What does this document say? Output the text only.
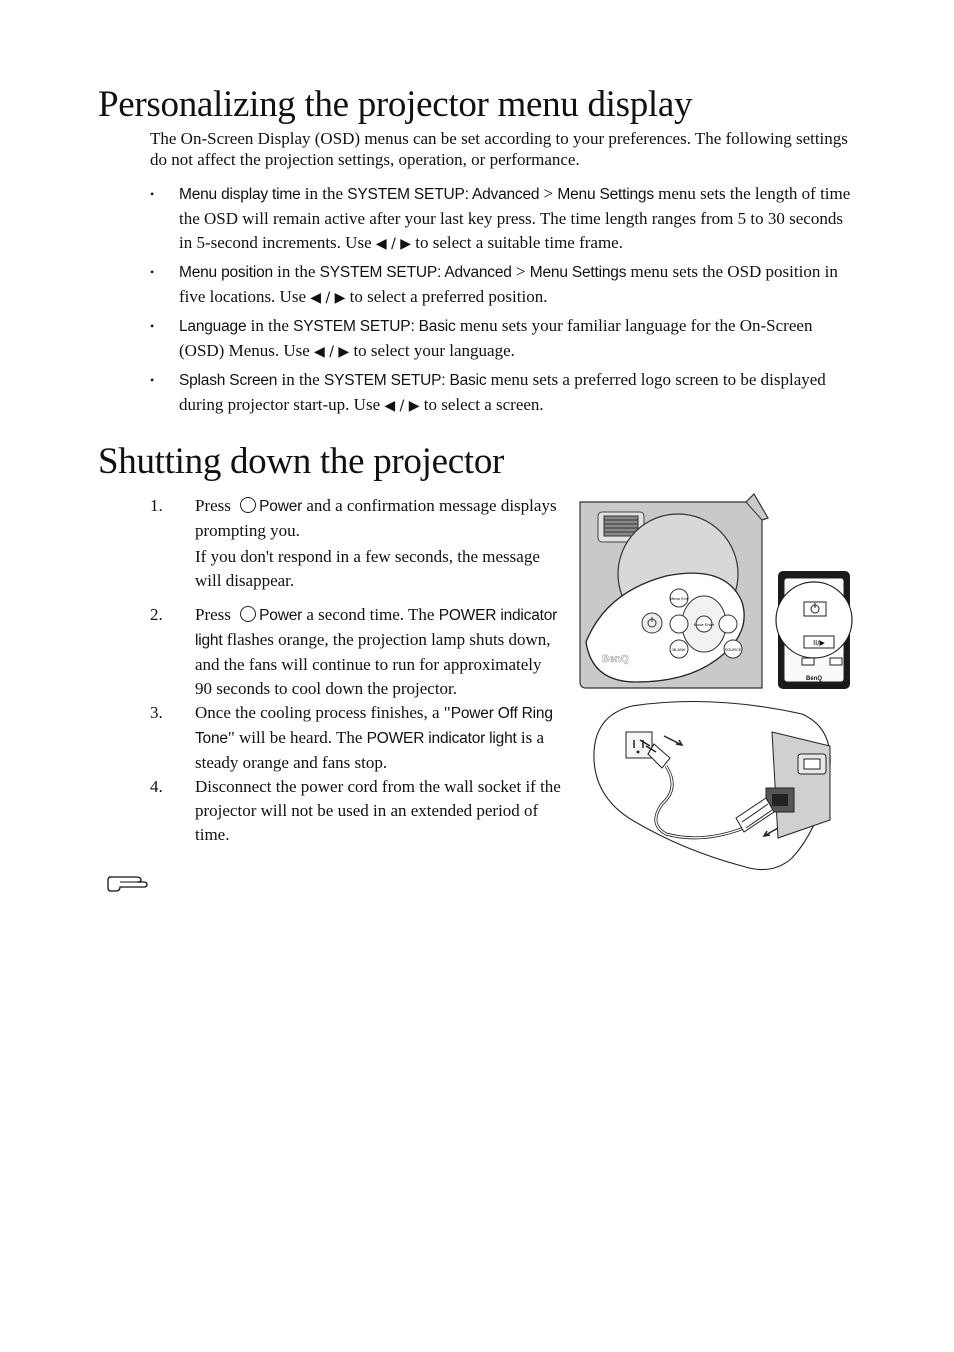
Personalizing the projector menu display

The On-Screen Display (OSD) menus can be set according to your preferences. The following settings do not affect the projection settings, operation, or performance.

• Menu display time in the SYSTEM SETUP: Advanced > Menu Settings menu sets the length of time the OSD will remain active after your last key press. The time length ranges from 5 to 30 seconds in 5-second increments. Use ◀ / ▶ to select a suitable time frame.
• Menu position in the SYSTEM SETUP: Advanced > Menu Settings menu sets the OSD position in five locations. Use ◀ / ▶ to select a preferred position.
• Language in the SYSTEM SETUP: Basic menu sets your familiar language for the On-Screen (OSD) Menus. Use ◀ / ▶ to select your language.
• Splash Screen in the SYSTEM SETUP: Basic menu sets a preferred logo screen to be displayed during projector start-up. Use ◀ / ▶ to select a screen.
Shutting down the projector
1. Press Power and a confirmation message displays prompting you.
If you don't respond in a few seconds, the message will disappear.
2. Press Power a second time. The POWER indicator light flashes orange, the projection lamp shuts down, and the fans will continue to run for approximately 90 seconds to cool down the projector.
3. Once the cooling process finishes, a "Power Off Ring Tone" will be heard. The POWER indicator light is a steady orange and fans stop.
4. Disconnect the power cord from the wall socket if the projector will not be used in an extended period of time.
Menu Exit
Mode Enter
BLANK	SOURCE
BenQ
II/▶
BenQ
